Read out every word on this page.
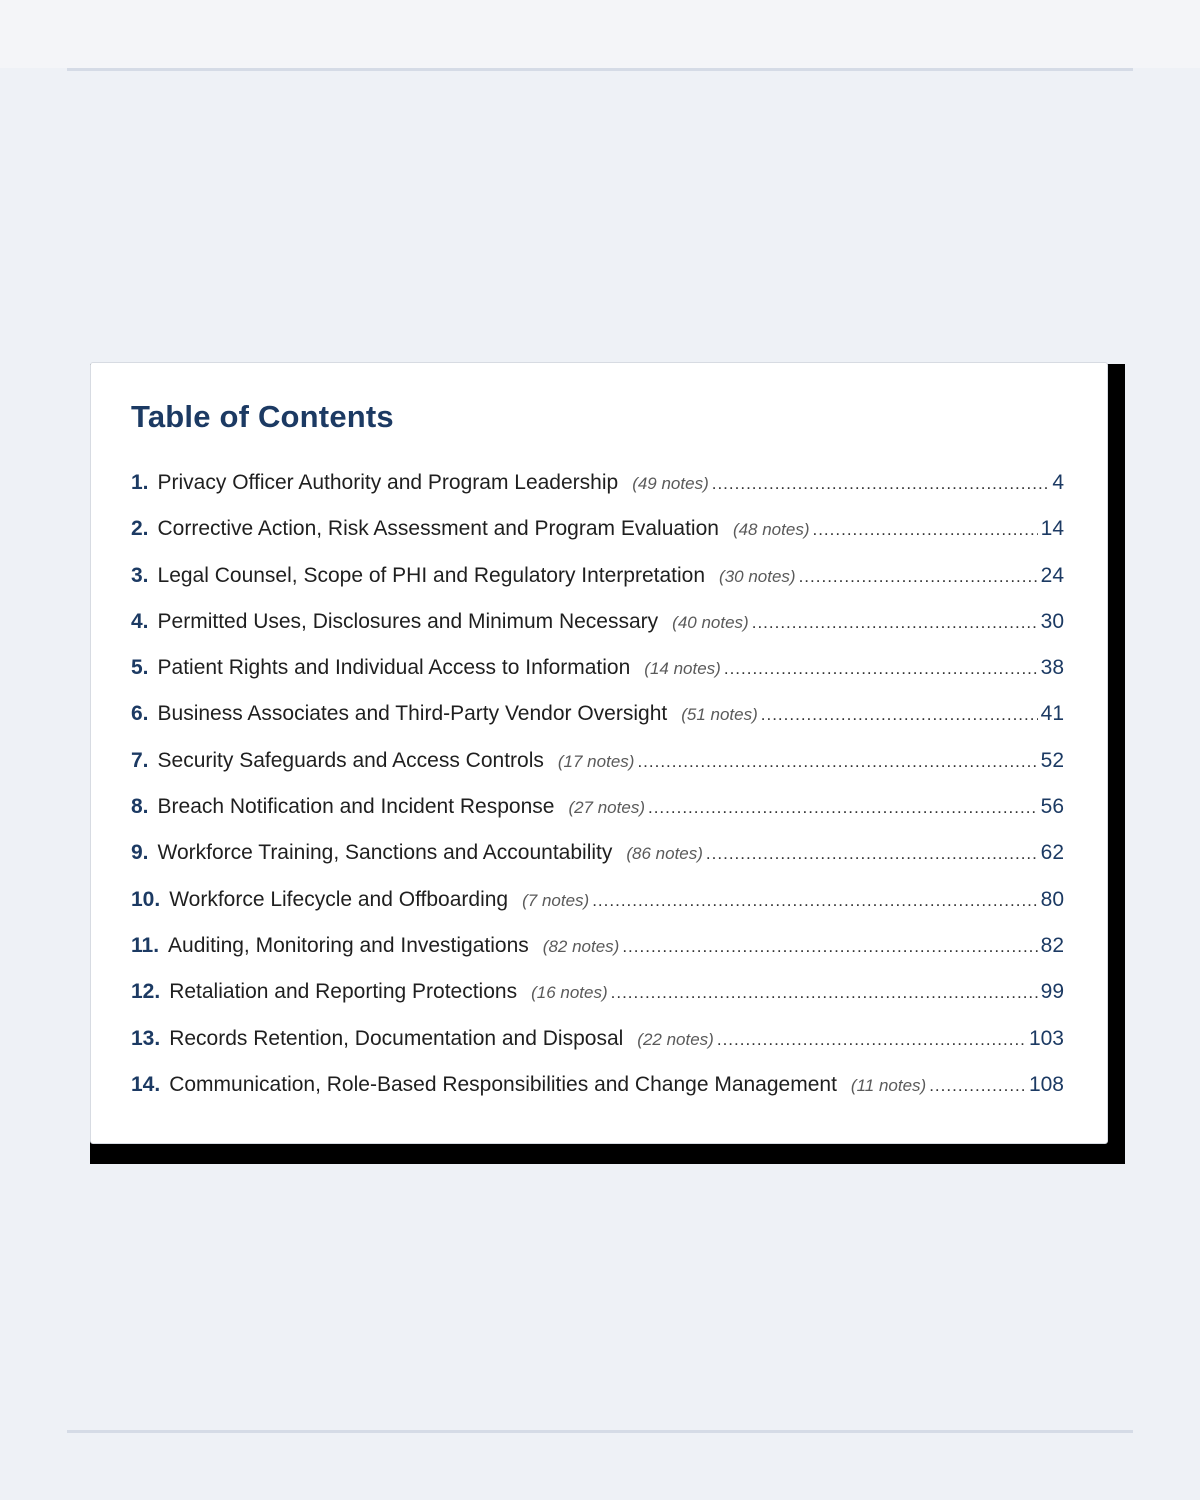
Table of Contents
1. Privacy Officer Authority and Program Leadership (49 notes) .....	4
2. Corrective Action, Risk Assessment and Program Evaluation (48 notes) .....	14
3. Legal Counsel, Scope of PHI and Regulatory Interpretation (30 notes) .....	24
4. Permitted Uses, Disclosures and Minimum Necessary (40 notes) .....	30
5. Patient Rights and Individual Access to Information (14 notes) .....	38
6. Business Associates and Third-Party Vendor Oversight (51 notes) .....	41
7. Security Safeguards and Access Controls (17 notes) .....	52
8. Breach Notification and Incident Response (27 notes) .....	56
9. Workforce Training, Sanctions and Accountability (86 notes) .....	62
10. Workforce Lifecycle and Offboarding (7 notes) .....	80
11. Auditing, Monitoring and Investigations (82 notes) .....	82
12. Retaliation and Reporting Protections (16 notes) .....	99
13. Records Retention, Documentation and Disposal (22 notes) .....	103
14. Communication, Role-Based Responsibilities and Change Management (11 notes) .....	108
